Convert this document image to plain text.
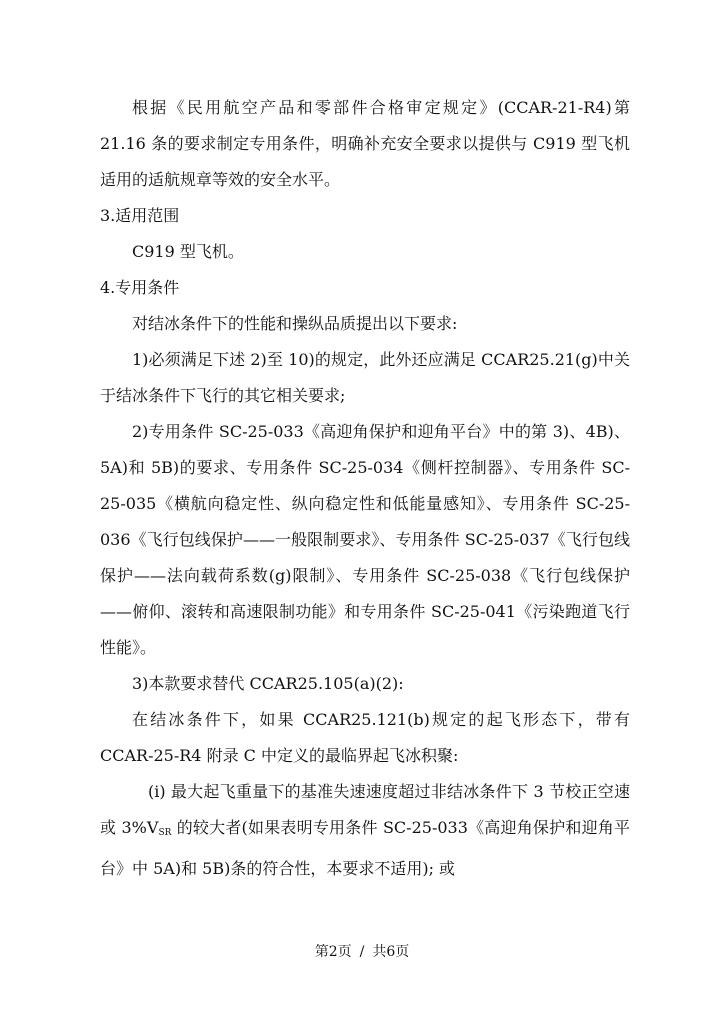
根据《民用航空产品和零部件合格审定规定》(CCAR-21-R4)第 21.16 条的要求制定专用条件，明确补充安全要求以提供与 C919 型飞机适用的适航规章等效的安全水平。

3.适用范围

C919 型飞机。

4.专用条件

对结冰条件下的性能和操纵品质提出以下要求:

1)必须满足下述 2)至 10)的规定，此外还应满足 CCAR25.21(g)中关于结冰条件下飞行的其它相关要求;

2)专用条件 SC-25-033《高迎角保护和迎角平台》中的第 3)、4B)、5A)和 5B)的要求、专用条件 SC-25-034《侧杆控制器》、专用条件 SC-25-035《横航向稳定性、纵向稳定性和低能量感知》、专用条件 SC-25-036《飞行包线保护——一般限制要求》、专用条件 SC-25-037《飞行包线保护——法向载荷系数(g)限制》、专用条件 SC-25-038《飞行包线保护——俯仰、滚转和高速限制功能》和专用条件 SC-25-041《污染跑道飞行性能》。

3)本款要求替代 CCAR25.105(a)(2):

在结冰条件下，如果 CCAR25.121(b)规定的起飞形态下，带有 CCAR-25-R4 附录 C 中定义的最临界起飞冰积聚:

(i) 最大起飞重量下的基准失速速度超过非结冰条件下 3 节校正空速或 $3\%V_{SR}$ 的较大者(如果表明专用条件 SC-25-033《高迎角保护和迎角平台》中 5A)和 5B)条的符合性，本要求不适用); 或

第2页 / 共6页
